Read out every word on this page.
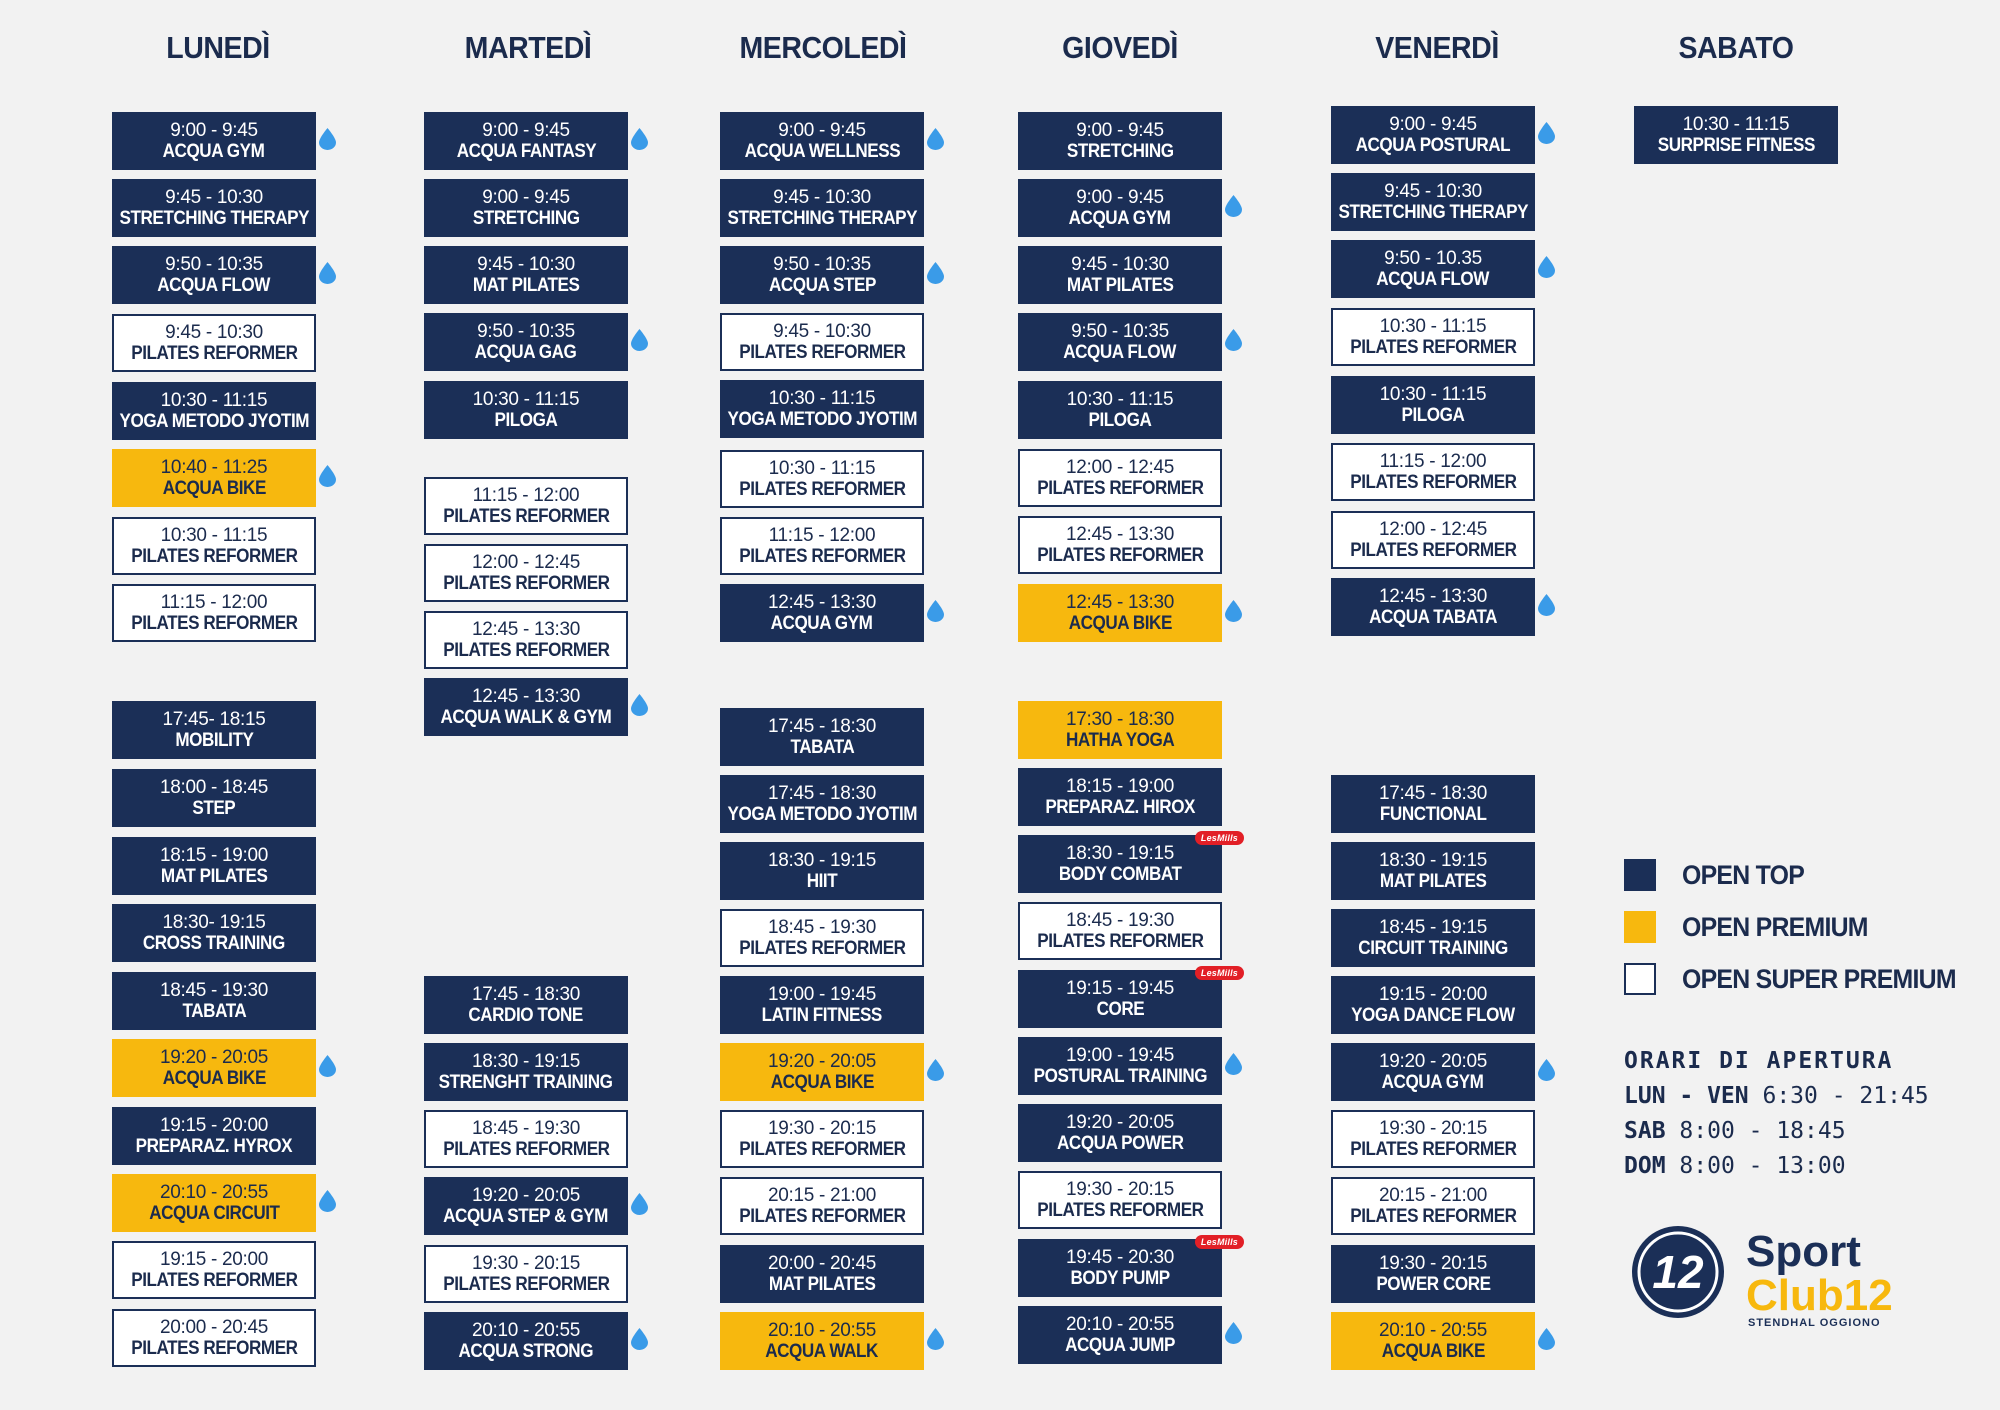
LUNEDÌ
9:00 - 9:45
ACQUA GYM
9:45 - 10:30
STRETCHING THERAPY
9:50 - 10:35
ACQUA FLOW
9:45 - 10:30
PILATES REFORMER
10:30 - 11:15
YOGA METODO JYOTIM
10:40 - 11:25
ACQUA BIKE
10:30 - 11:15
PILATES REFORMER
11:15 - 12:00
PILATES REFORMER
17:45- 18:15
MOBILITY
18:00 - 18:45
STEP
18:15 - 19:00
MAT PILATES
18:30- 19:15
CROSS TRAINING
18:45 - 19:30
TABATA
19:20 - 20:05
ACQUA BIKE
19:15 - 20:00
PREPARAZ. HYROX
20:10 - 20:55
ACQUA CIRCUIT
19:15 - 20:00
PILATES REFORMER
20:00 - 20:45
PILATES REFORMER
MARTEDÌ
9:00 - 9:45
ACQUA FANTASY
9:00 - 9:45
STRETCHING
9:45 - 10:30
MAT PILATES
9:50 - 10:35
ACQUA GAG
10:30 - 11:15
PILOGA
11:15 - 12:00
PILATES REFORMER
12:00 - 12:45
PILATES REFORMER
12:45 - 13:30
PILATES REFORMER
12:45 - 13:30
ACQUA WALK & GYM
17:45 - 18:30
CARDIO TONE
18:30 - 19:15
STRENGHT TRAINING
18:45 - 19:30
PILATES REFORMER
19:20 - 20:05
ACQUA STEP & GYM
19:30 - 20:15
PILATES REFORMER
20:10 - 20:55
ACQUA STRONG
MERCOLEDÌ
9:00 - 9:45
ACQUA WELLNESS
9:45 - 10:30
STRETCHING THERAPY
9:50 - 10:35
ACQUA STEP
9:45 - 10:30
PILATES REFORMER
10:30 - 11:15
YOGA METODO JYOTIM
10:30 - 11:15
PILATES REFORMER
11:15 - 12:00
PILATES REFORMER
12:45 - 13:30
ACQUA GYM
17:45 - 18:30
TABATA
17:45 - 18:30
YOGA METODO JYOTIM
18:30 - 19:15
HIIT
18:45 - 19:30
PILATES REFORMER
19:00 - 19:45
LATIN FITNESS
19:20 - 20:05
ACQUA BIKE
19:30 - 20:15
PILATES REFORMER
20:15 - 21:00
PILATES REFORMER
20:00 - 20:45
MAT PILATES
20:10 - 20:55
ACQUA WALK
GIOVEDÌ
9:00 - 9:45
STRETCHING
9:00 - 9:45
ACQUA GYM
9:45 - 10:30
MAT PILATES
9:50 - 10:35
ACQUA FLOW
10:30 - 11:15
PILOGA
12:00 - 12:45
PILATES REFORMER
12:45 - 13:30
PILATES REFORMER
12:45 - 13:30
ACQUA BIKE
17:30 - 18:30
HATHA YOGA
18:15 - 19:00
PREPARAZ. HIROX
18:30 - 19:15
BODY COMBAT
LesMills
18:45 - 19:30
PILATES REFORMER
19:15 - 19:45
CORE
LesMills
19:00 - 19:45
POSTURAL TRAINING
19:20 - 20:05
ACQUA POWER
19:30 - 20:15
PILATES REFORMER
19:45 - 20:30
BODY PUMP
LesMills
20:10 - 20:55
ACQUA JUMP
VENERDÌ
9:00 - 9:45
ACQUA POSTURAL
9:45 - 10:30
STRETCHING THERAPY
9:50 - 10.35
ACQUA FLOW
10:30 - 11:15
PILATES REFORMER
10:30 - 11:15
PILOGA
11:15 - 12:00
PILATES REFORMER
12:00 - 12:45
PILATES REFORMER
12:45 - 13:30
ACQUA TABATA
17:45 - 18:30
FUNCTIONAL
18:30 - 19:15
MAT PILATES
18:45 - 19:15
CIRCUIT TRAINING
19:15 - 20:00
YOGA DANCE FLOW
19:20 - 20:05
ACQUA GYM
19:30 - 20:15
PILATES REFORMER
20:15 - 21:00
PILATES REFORMER
19:30 - 20:15
POWER CORE
20:10 - 20:55
ACQUA BIKE
SABATO
10:30 - 11:15
SURPRISE FITNESS
OPEN TOP
OPEN PREMIUM
OPEN SUPER PREMIUM
ORARI DI APERTURA
LUN - VEN 6:30 - 21:45
SAB 8:00 - 18:45
DOM 8:00 - 13:00
12 Sport
Club12
STENDHAL OGGIONO
